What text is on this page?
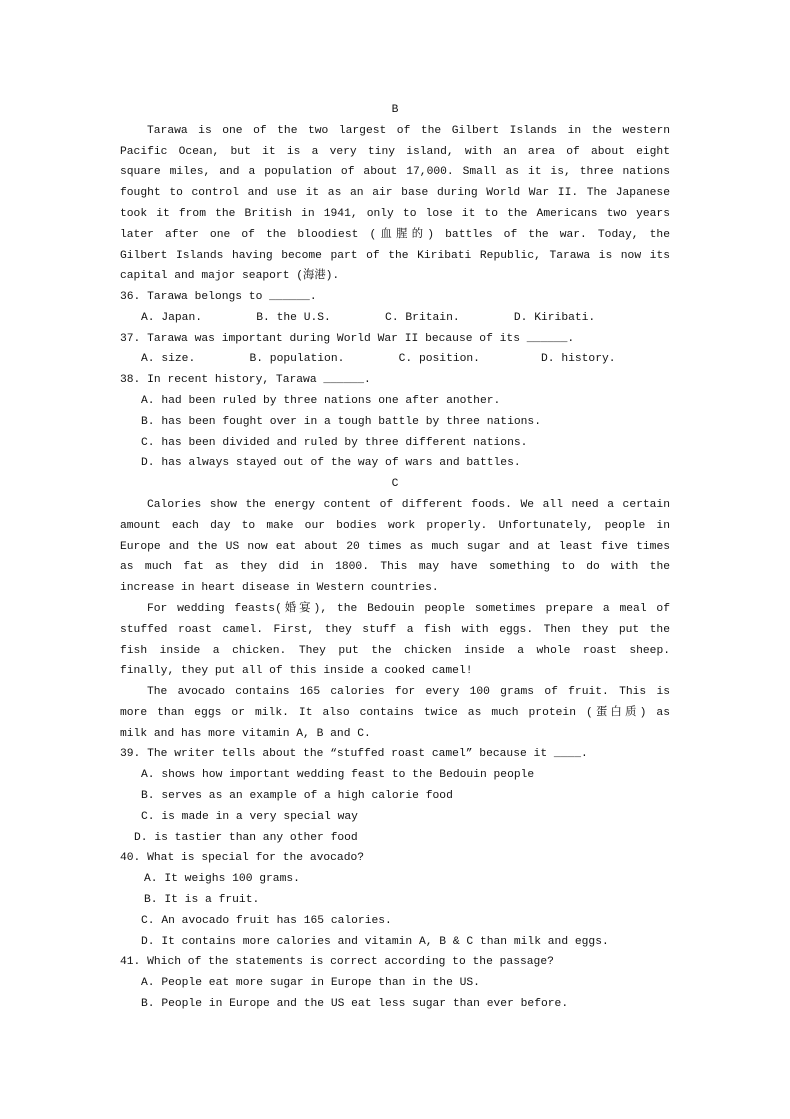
B
Tarawa is one of the two largest of the Gilbert Islands in the western
Pacific Ocean, but it is a very tiny island, with an area of about eight
square miles, and a population of about 17,000. Small as it is, three nations
fought to control and use it as an air base during World War II. The Japanese
took it from the British in 1941, only to lose it to the Americans two years
later after one of the bloodiest (血腥的) battles of the war. Today, the
Gilbert Islands having become part of the Kiribati Republic, Tarawa is now its
capital and major seaport (海港).
36. Tarawa belongs to ______.
A. Japan.        B. the U.S.        C. Britain.        D. Kiribati.
37. Tarawa was important during World War II because of its ______.
A. size.        B. population.        C. position.         D. history.
38. In recent history, Tarawa ______.
A. had been ruled by three nations one after another.
B. has been fought over in a tough battle by three nations.
C. has been divided and ruled by three different nations.
D. has always stayed out of the way of wars and battles.
C
Calories show the energy content of different foods. We all need a certain
amount each day to make our bodies work properly. Unfortunately, people in
Europe and the US now eat about 20 times as much sugar and at least five times
as much fat as they did in 1800. This may have something to do with the
increase in heart disease in Western countries.
For wedding feasts(婚宴), the Bedouin people sometimes prepare a meal of
stuffed roast camel. First, they stuff a fish with eggs. Then they put the
fish inside a chicken. They put the chicken inside a whole roast sheep.
finally, they put all of this inside a cooked camel!
The avocado contains 165 calories for every 100 grams of fruit. This is
more than eggs or milk. It also contains twice as much protein (蛋白质) as
milk and has more vitamin A, B and C.
39. The writer tells about the “stuffed roast camel” because it ____.
A. shows how important wedding feast to the Bedouin people
B. serves as an example of a high calorie food
C. is made in a very special way
D. is tastier than any other food
40. What is special for the avocado?
A. It weighs 100 grams.
B. It is a fruit.
C. An avocado fruit has 165 calories.
D. It contains more calories and vitamin A, B & C than milk and eggs.
41. Which of the statements is correct according to the passage?
A. People eat more sugar in Europe than in the US.
B. People in Europe and the US eat less sugar than ever before.
